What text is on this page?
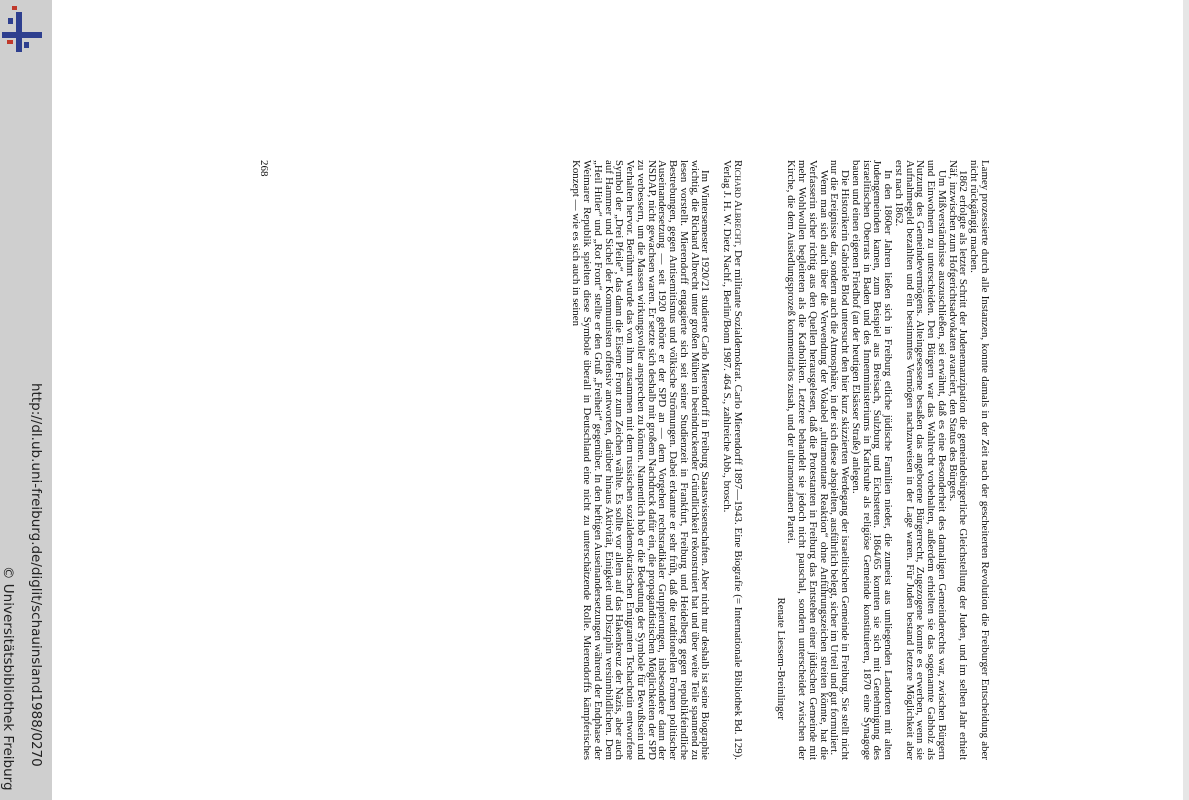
http://dl.ub.uni-freiburg.de/diglit/schauinsland1988/0270
© Universitätsbibliothek Freiburg	Lamey prozessierte durch alle Instanzen, konnte damals in der Zeit nach der gescheiterten Revolution die Freiburger Entscheidung aber nicht rückgängig machen.

1862 erfolgte als letzter Schritt der Judenemanzipation die gemeindebürgerliche Gleichstellung der Juden, und im selben Jahr erhielt Näf, inzwischen zum Hofgerichtsadvokaten avanciert, den Status des Bürgers.

Um Mißverständnisse auszuschließen, sei erwähnt, daß es eine Besonderheit des damaligen Gemeinderechts war, zwischen Bürgern und Einwohnern zu unterscheiden. Den Bürgern war das Wahlrecht vorbehalten, außerdem erhielten sie das sogenannte Gabholz als Nutzung des Gemeindevermögens. Alteingesessene besaßen das angeborene Bürgerrecht, Zugezogene konnte es erwerben, wenn sie Aufnahmegeld bezahlten und ein bestimmtes Vermögen nachzuweisen in der Lage waren. Für Juden bestand letztere Möglichkeit aber erst nach 1862.

In den 1860er Jahren ließen sich in Freiburg etliche jüdische Familien nieder, die zumeist aus umliegenden Landorten mit alten Judengemeinden kamen, zum Beispiel aus Breisach, Sulzburg und Eichstetten. 1864/65 konnten sie sich mit Genehmigung des israelitischen Oberrats in Baden und des Innenministeriums in Karlsruhe als religiöse Gemeinde konstituieren, 1870 eine Synagoge bauen und einen eigenen Friedhof (an der heutigen Elsässer Straße) anlegen.

Die Historikerin Gabriele Blod untersucht den hier kurz skizzierten Werdegang der israelitischen Gemeinde in Freiburg. Sie stellt nicht nur die Ereignisse dar, sondern auch die Atmosphäre, in der sich diese abspielten, ausführlich belegt, sicher im Urteil und gut formuliert.

Wenn man sich auch über die Verwendung der Vokabel „ultramontane Reaktion“ ohne Anführungszeichen streiten könnte, hat die Verfasserin sicher richtig aus den Quellen herausgelesen, daß die Protestanten in Freiburg das Entstehen einer jüdischen Gemeinde mit mehr Wohlwollen begleiteten als die Katholiken. Letztere behandelt sie jedoch nicht pauschal, sondern unterscheidet zwischen der Kirche, die dem Ausiedlungsprozeß kommentarlos zusah, und der ultramontanen Partei.

Renate Liessem-Breinlinger

Richard Albrecht, Der militante Sozialdemokrat. Carlo Mierendorff 1897—1943. Eine Biografie (= Internationale Bibliothek Bd. 129). Verlag J. H. W. Dietz Nachf., Berlin/Bonn 1987. 464 S., zahlreiche Abb., brosch.

Im Wintersemester 1920/21 studierte Carlo Mierendorff in Freiburg Staatswissenschaften. Aber nicht nur deshalb ist seine Biographie wichtig, die Richard Albrecht unter großen Mühen in beeindruckender Gründlichkeit rekonstruiert hat und über weite Teile spannend zu lesen vorstellt. Mierendorff engagierte sich seit seiner Studienzeit in Frankfurt, Freiburg und Heidelberg gegen republikfeindliche Bestrebungen, gegen Antisemitismus und völkische Strömungen. Dabei erkannte er sehr früh, daß die traditionellen Formen politischer Auseinandersetzung — seit 1920 gehörte er der SPD an — dem Vorgehen rechtsradikaler Gruppierungen, insbesondere dann der NSDAP, nicht gewachsen waren. Er setzte sich deshalb mit großem Nachdruck dafür ein, die propagandistischen Möglichkeiten der SPD zu verbessern, um die Massen wirkungsvoller ansprechen zu können. Namentlich hob er die Bedeutung der Symbole für Bewußtsein und Verhalten hervor. Berühmt wurde das von ihm zusammen mit dem russischen sozialdemokratischen Emigranten Tschachotin entworfene Symbol der „Drei Pfeile“, das dann die Eiserne Front zum Zeichen wählte. Es sollte vor allem auf das Hakenkreuz der Nazis, aber auch auf Hammer und Sichel der Kommunisten offensiv antworten, darüber hinaus Aktivität, Einigkeit und Disziplin versinnbildlichen. Dem „Heil Hitler“ und „Rot Front“ stellte er den Gruß „Freiheit“ gegenüber. In den heftigen Auseinandersetzungen während der Endphase der Weimarer Republik spielten diese Symbole überall in Deutschland eine nicht zu unterschätzende Rolle. Mierendorffs kämpferisches Konzept — wie es sich auch in seinen

268
